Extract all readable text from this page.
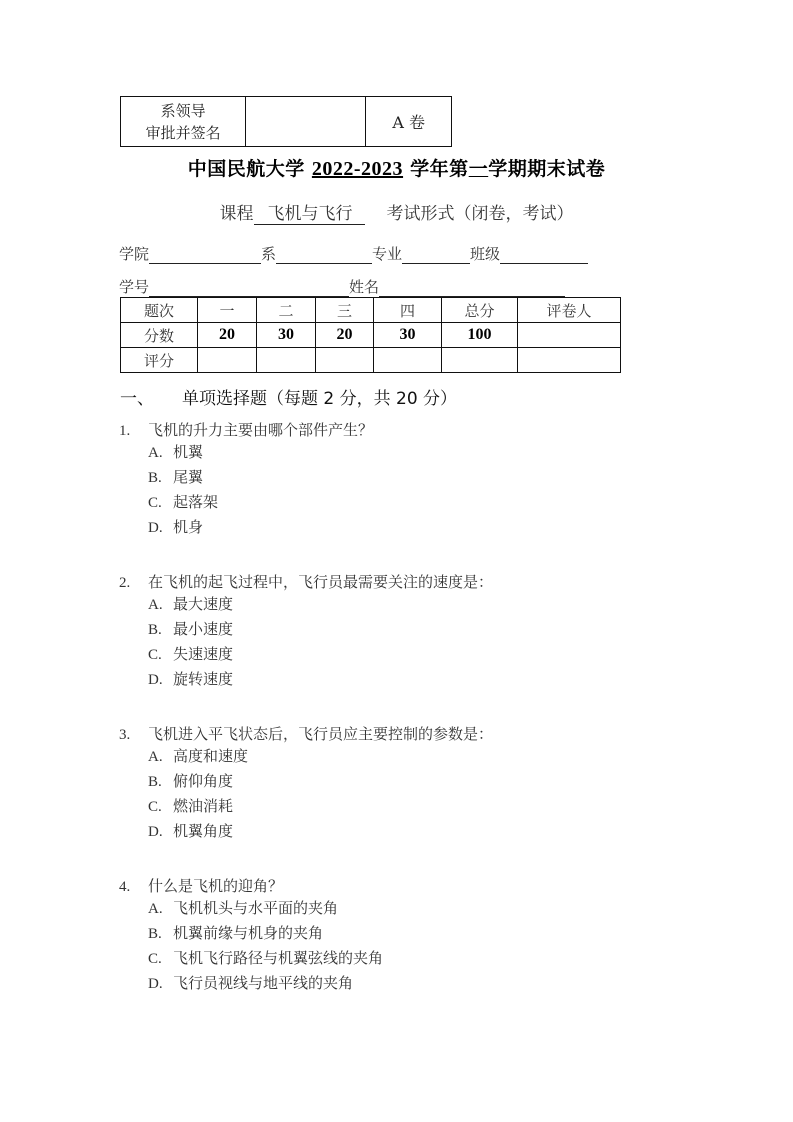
系领导
审批并签名
		A 卷
中国民航大学 2022-2023 学年第一学期期末试卷
课程 飞机与飞行 考试形式（闭卷，考试）
学院	系	专业	班级
学号	姓名
题次	一	二	三	四	总分	评卷人
分数	20	30	20	30	100	
评分						
一、 单项选择题（每题 2 分，共 20 分）
1. 飞机的升力主要由哪个部件产生？
A. 机翼
B. 尾翼
C. 起落架
D. 机身
2. 在飞机的起飞过程中，飞行员最需要关注的速度是：
A. 最大速度
B. 最小速度
C. 失速速度
D. 旋转速度
3. 飞机进入平飞状态后，飞行员应主要控制的参数是：
A. 高度和速度
B. 俯仰角度
C. 燃油消耗
D. 机翼角度
4. 什么是飞机的迎角？
A. 飞机机头与水平面的夹角
B. 机翼前缘与机身的夹角
C. 飞机飞行路径与机翼弦线的夹角
D. 飞行员视线与地平线的夹角
